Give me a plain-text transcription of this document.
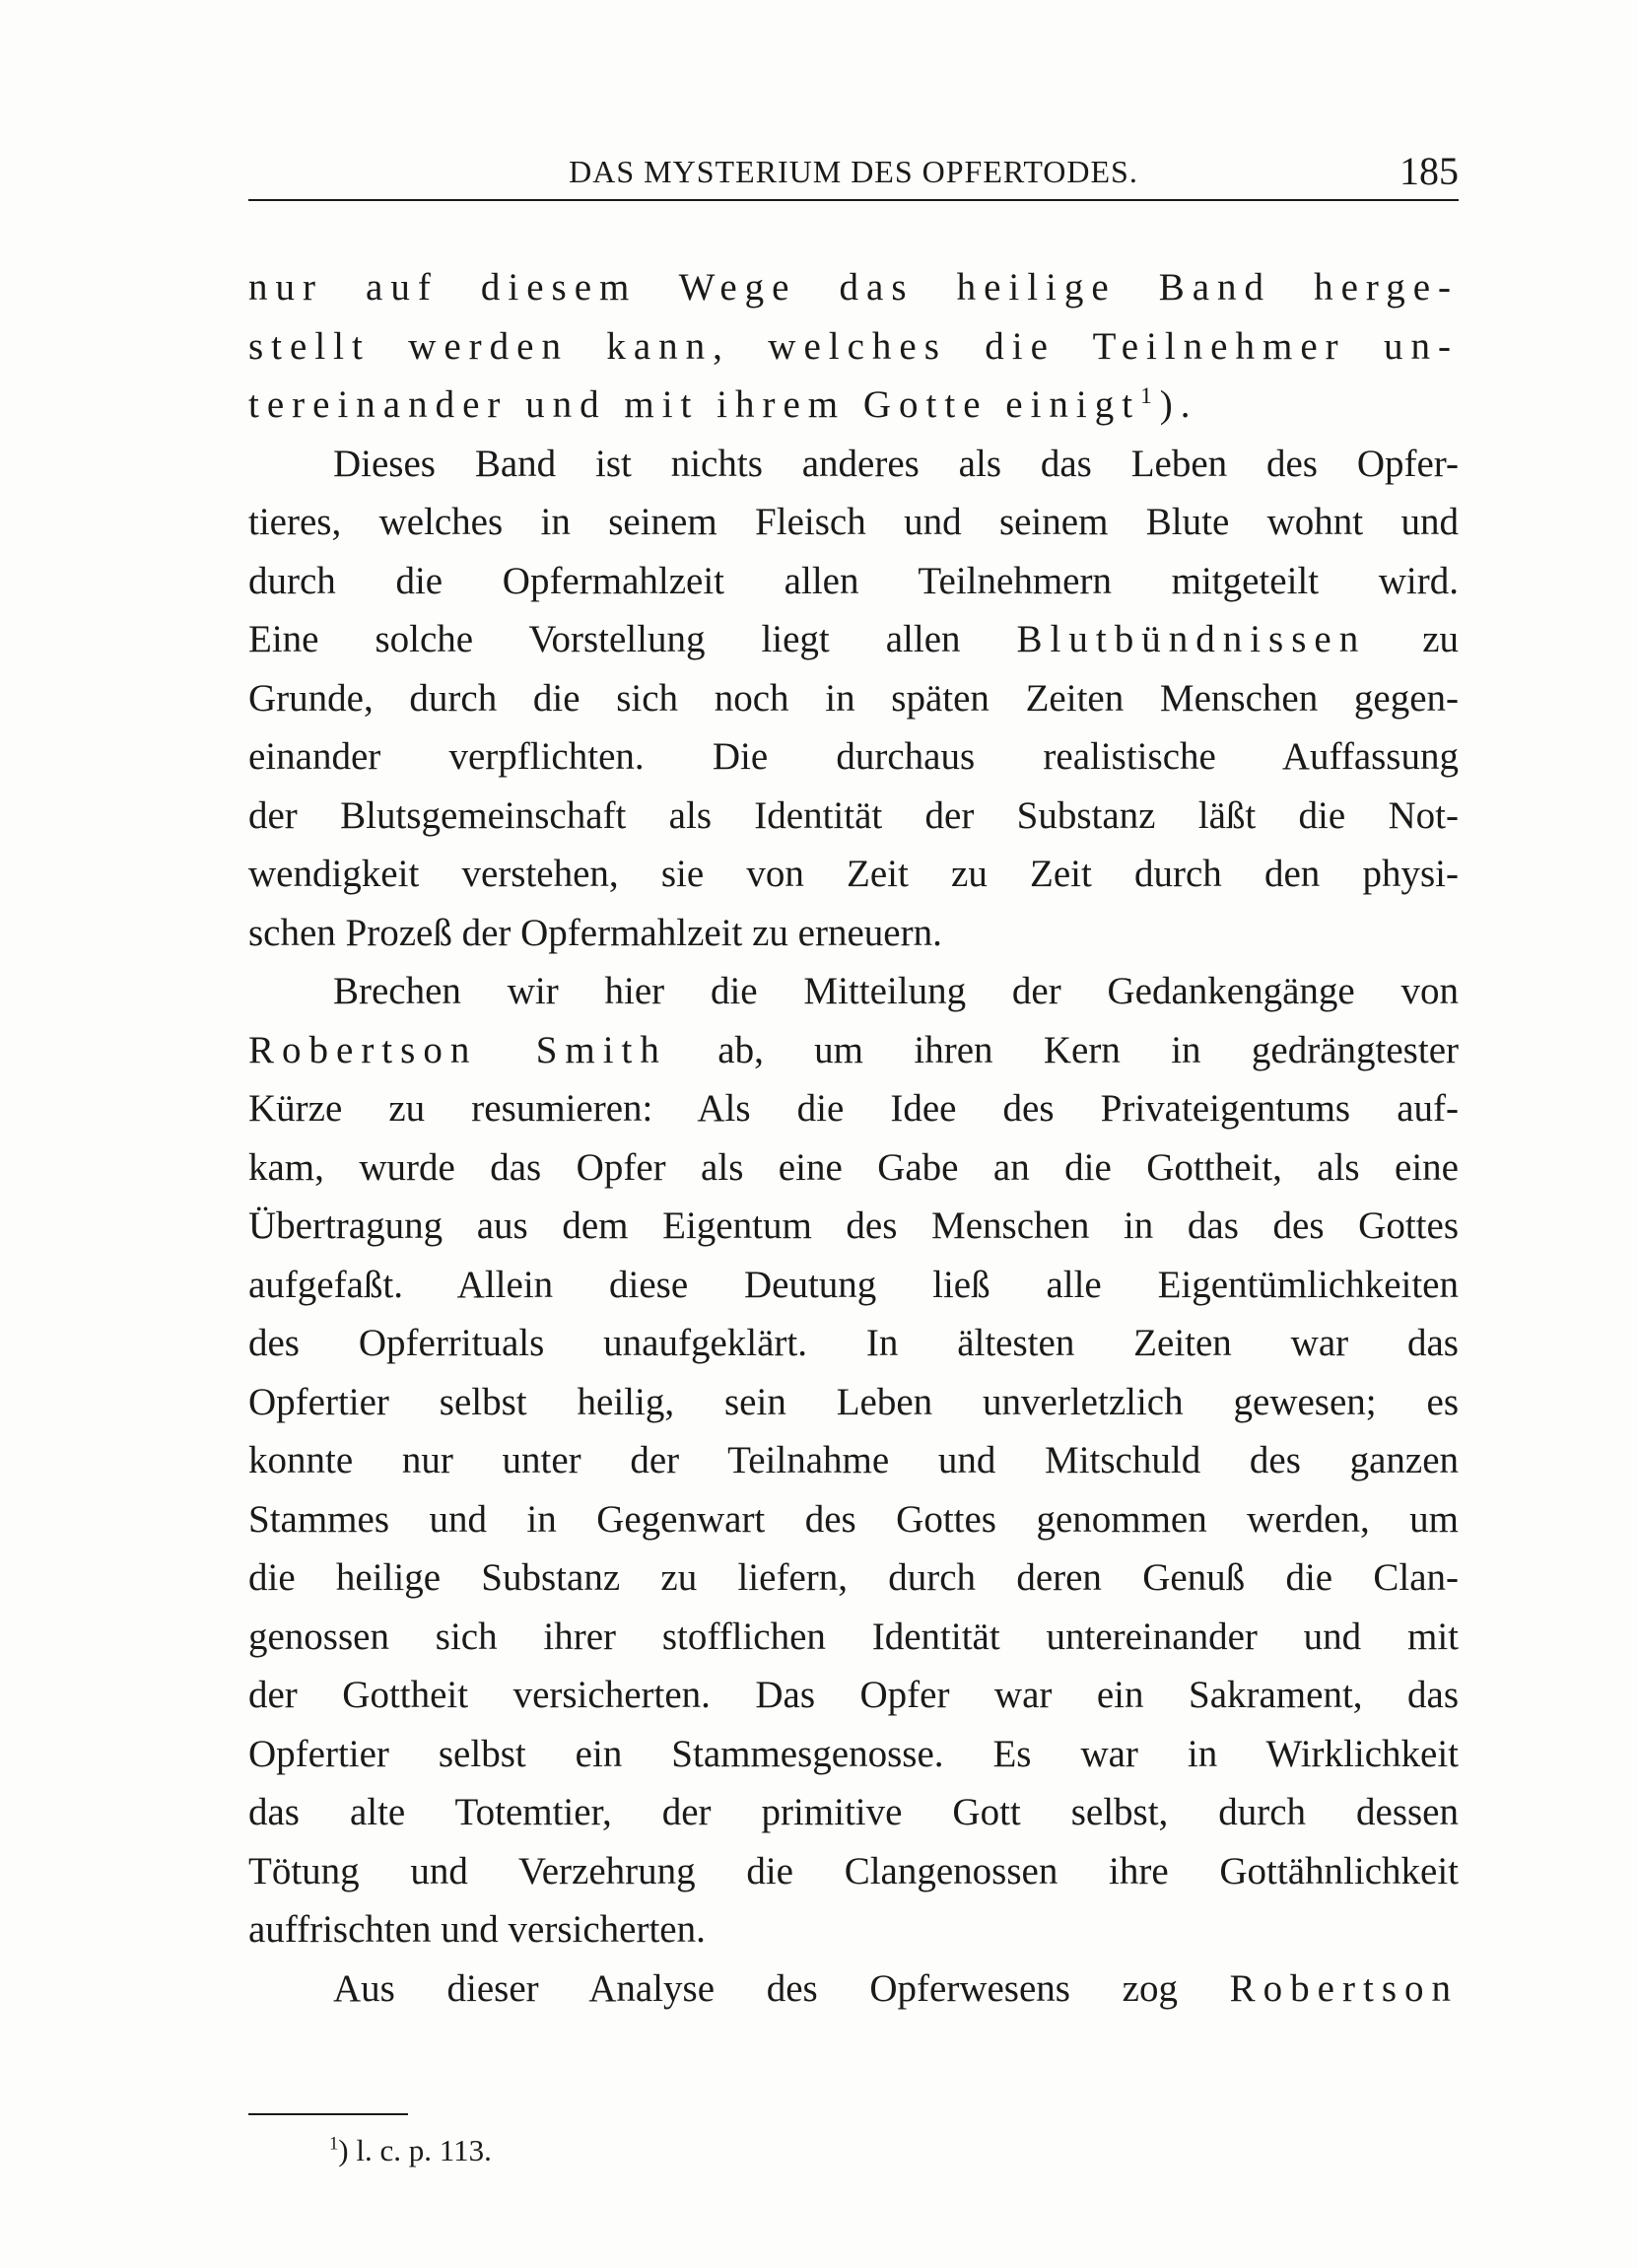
DAS MYSTERIUM DES OPFERTODES.	185
nur auf diesem Wege das heilige Band herge-
stellt werden kann, welches die Teilnehmer un-
tereinander und mit ihrem Gotte einigt$^1$).
Dieses Band ist nichts anderes als das Leben des Opfer-
tieres, welches in seinem Fleisch und seinem Blute wohnt und
durch die Opfermahlzeit allen Teilnehmern mitgeteilt wird.
Eine solche Vorstellung liegt allen Blutbündnissen zu
Grunde, durch die sich noch in späten Zeiten Menschen gegen-
einander verpflichten. Die durchaus realistische Auffassung
der Blutsgemeinschaft als Identität der Substanz läßt die Not-
wendigkeit verstehen, sie von Zeit zu Zeit durch den physi-
schen Prozeß der Opfermahlzeit zu erneuern.
Brechen wir hier die Mitteilung der Gedankengänge von
Robertson Smith ab, um ihren Kern in gedrängtester
Kürze zu resumieren: Als die Idee des Privateigentums auf-
kam, wurde das Opfer als eine Gabe an die Gottheit, als eine
Übertragung aus dem Eigentum des Menschen in das des Gottes
aufgefaßt. Allein diese Deutung ließ alle Eigentümlichkeiten
des Opferrituals unaufgeklärt. In ältesten Zeiten war das
Opfertier selbst heilig, sein Leben unverletzlich gewesen; es
konnte nur unter der Teilnahme und Mitschuld des ganzen
Stammes und in Gegenwart des Gottes genommen werden, um
die heilige Substanz zu liefern, durch deren Genuß die Clan-
genossen sich ihrer stofflichen Identität untereinander und mit
der Gottheit versicherten. Das Opfer war ein Sakrament, das
Opfertier selbst ein Stammesgenosse. Es war in Wirklichkeit
das alte Totemtier, der primitive Gott selbst, durch dessen
Tötung und Verzehrung die Clangenossen ihre Gottähnlichkeit
auffrischten und versicherten.
Aus dieser Analyse des Opferwesens zog Robertson
$^1$) l. c. p. 113.
